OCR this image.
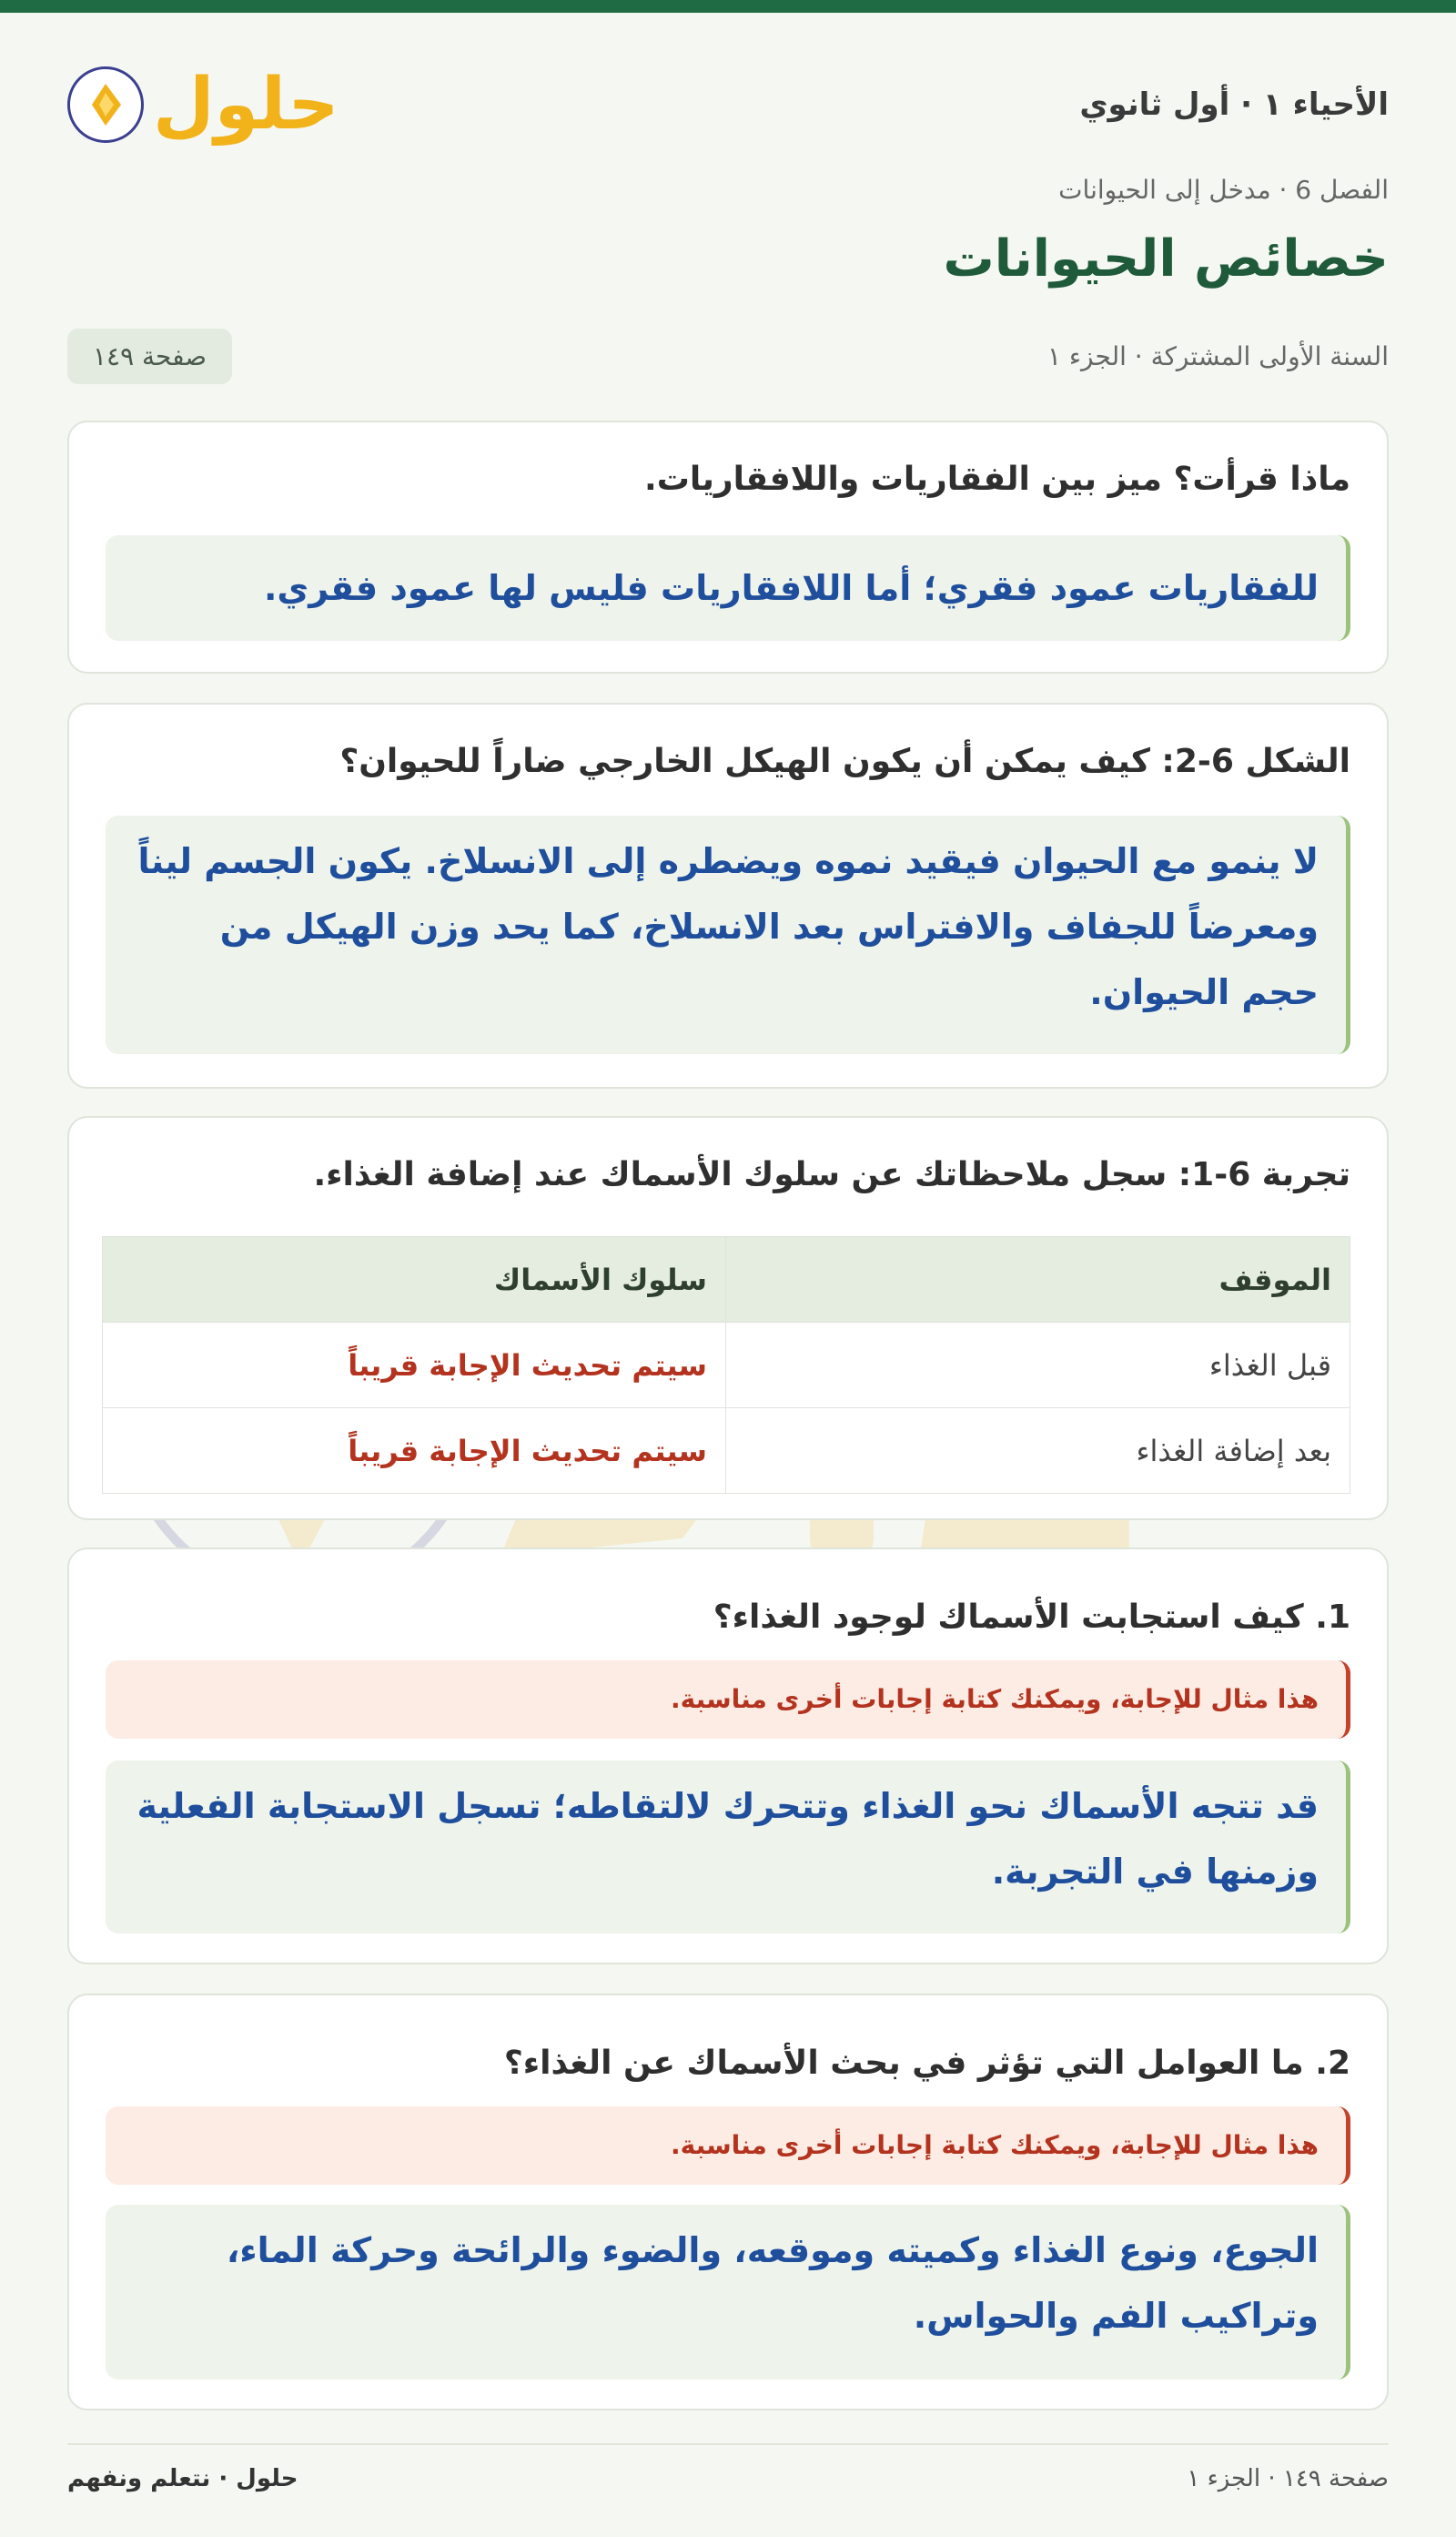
الأحياء ١ · أول ثانوي
حلول
الفصل 6 · مدخل إلى الحيوانات
خصائص الحيوانات
السنة الأولى المشتركة · الجزء ١
صفحة ١٤٩
ماذا قرأت؟ ميز بين الفقاريات واللافقاريات.
للفقاريات عمود فقري؛ أما اللافقاريات فليس لها عمود فقري.
الشكل 6-2: كيف يمكن أن يكون الهيكل الخارجي ضاراً للحيوان؟
لا ينمو مع الحيوان فيقيد نموه ويضطره إلى الانسلاخ. يكون الجسم ليناً ومعرضاً للجفاف والافتراس بعد الانسلاخ، كما يحد وزن الهيكل من حجم الحيوان.
تجربة 6-1: سجل ملاحظاتك عن سلوك الأسماك عند إضافة الغذاء.
الموقف	سلوك الأسماك
قبل الغذاء	سيتم تحديث الإجابة قريباً
بعد إضافة الغذاء	سيتم تحديث الإجابة قريباً
1. كيف استجابت الأسماك لوجود الغذاء؟
هذا مثال للإجابة، ويمكنك كتابة إجابات أخرى مناسبة.
قد تتجه الأسماك نحو الغذاء وتتحرك لالتقاطه؛ تسجل الاستجابة الفعلية وزمنها في التجربة.
2. ما العوامل التي تؤثر في بحث الأسماك عن الغذاء؟
هذا مثال للإجابة، ويمكنك كتابة إجابات أخرى مناسبة.
الجوع، ونوع الغذاء وكميته وموقعه، والضوء والرائحة وحركة الماء، وتراكيب الفم والحواس.
صفحة ١٤٩ · الجزء ١
حلول · نتعلم ونفهم
